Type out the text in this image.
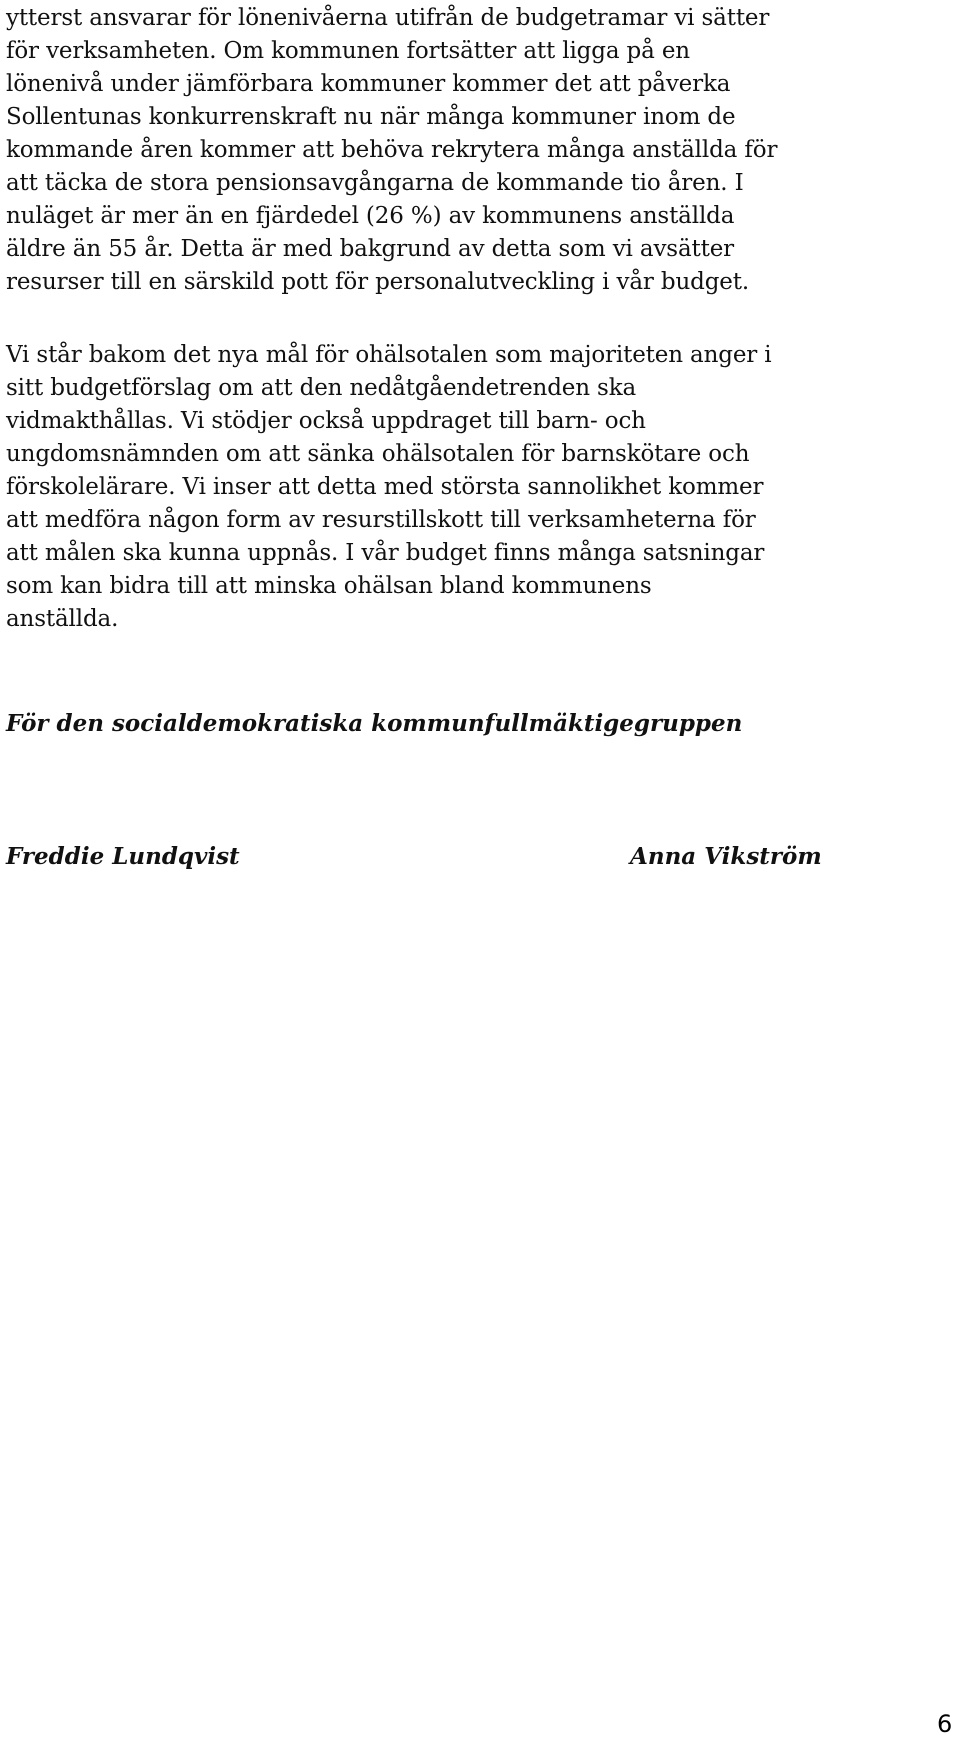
ytterst ansvarar för lönenivåerna utifrån de budgetramar vi sätter

för verksamheten. Om kommunen fortsätter att ligga på en

lönenivå under jämförbara kommuner kommer det att påverka

Sollentunas konkurrenskraft nu när många kommuner inom de

kommande åren kommer att behöva rekrytera många anställda för

att täcka de stora pensionsavgångarna de kommande tio åren. I

nuläget är mer än en fjärdedel (26 %) av kommunens anställda

äldre än 55 år. Detta är med bakgrund av detta som vi avsätter

resurser till en särskild pott för personalutveckling i vår budget.

Vi står bakom det nya mål för ohälsotalen som majoriteten anger i

sitt budgetförslag om att den nedåtgåendetrenden ska

vidmakthållas. Vi stödjer också uppdraget till barn- och

ungdomsnämnden om att sänka ohälsotalen för barnskötare och

förskolelärare. Vi inser att detta med största sannolikhet kommer

att medföra någon form av resurstillskott till verksamheterna för

att målen ska kunna uppnås. I vår budget finns många satsningar

som kan bidra till att minska ohälsan bland kommunens

anställda.

För den socialdemokratiska kommunfullmäktigegruppen

Freddie Lundqvist	Anna Vikström

6
